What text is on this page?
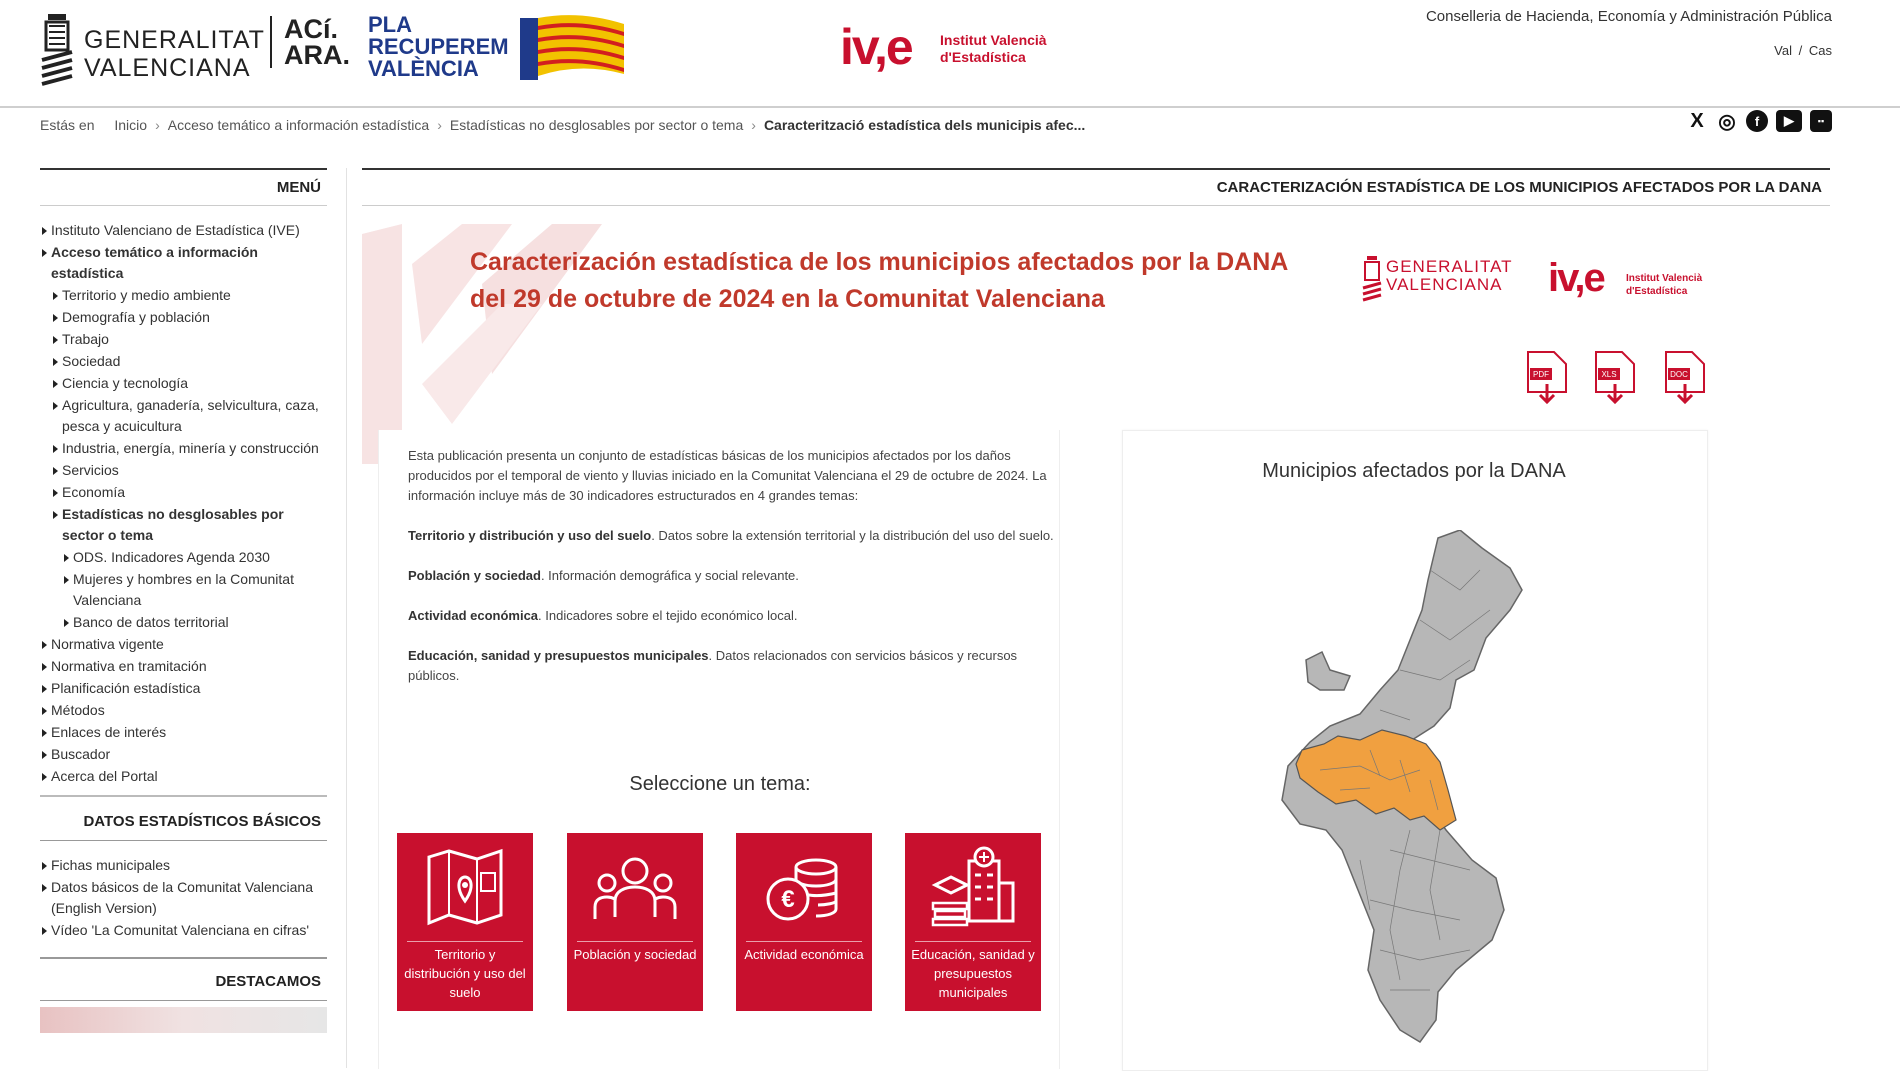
GENERALITAT
VALENCIANA
ACí.
ARA.
PLA
RECUPEREM
VALÈNCIA	iv,e Institut Valencià
d'Estadística
Conselleria de Hacienda, Economía y Administración Pública
Val / Cas
Estás en Inicio › Acceso temático a información estadística › Estadísticas no desglosables por sector o tema › Caracterització estadística dels municipis afec...	X ◎	f	▶	▪▪
MENÚ
Instituto Valenciano de Estadística (IVE)
Acceso temático a información estadística
Territorio y medio ambiente
Demografía y población
Trabajo
Sociedad
Ciencia y tecnología
Agricultura, ganadería, selvicultura, caza, pesca y acuicultura
Industria, energía, minería y construcción
Servicios
Economía
Estadísticas no desglosables por sector o tema
ODS. Indicadores Agenda 2030
Mujeres y hombres en la Comunitat Valenciana
Banco de datos territorial
Normativa vigente
Normativa en tramitación
Planificación estadística
Métodos
Enlaces de interés
Buscador
Acerca del Portal
DATOS ESTADÍSTICOS BÁSICOS
Fichas municipales
Datos básicos de la Comunitat Valenciana (English Version)
Vídeo 'La Comunitat Valenciana en cifras'
DESTACAMOS
CARACTERIZACIÓN ESTADÍSTICA DE LOS MUNICIPIOS AFECTADOS POR LA DANA
Caracterización estadística de los municipios afectados por la DANA del 29 de octubre de 2024 en la Comunitat Valenciana
GENERALITAT
VALENCIANA iv,e Institut Valencià
d'Estadística
PDF	XLS	DOC

Esta publicación presenta un conjunto de estadísticas básicas de los municipios afectados por los daños producidos por el temporal de viento y lluvias iniciado en la Comunitat Valenciana el 29 de octubre de 2024. La información incluye más de 30 indicadores estructurados en 4 grandes temas:

Territorio y distribución y uso del suelo. Datos sobre la extensión territorial y la distribución del uso del suelo.

Población y sociedad. Información demográfica y social relevante.

Actividad económica. Indicadores sobre el tejido económico local.

Educación, sanidad y presupuestos municipales. Datos relacionados con servicios básicos y recursos públicos.

Seleccione un tema:
Territorio y distribución y uso del suelo
Población y sociedad
€
Actividad económica	Educación, sanidad y presupuestos municipales
Municipios afectados por la DANA
